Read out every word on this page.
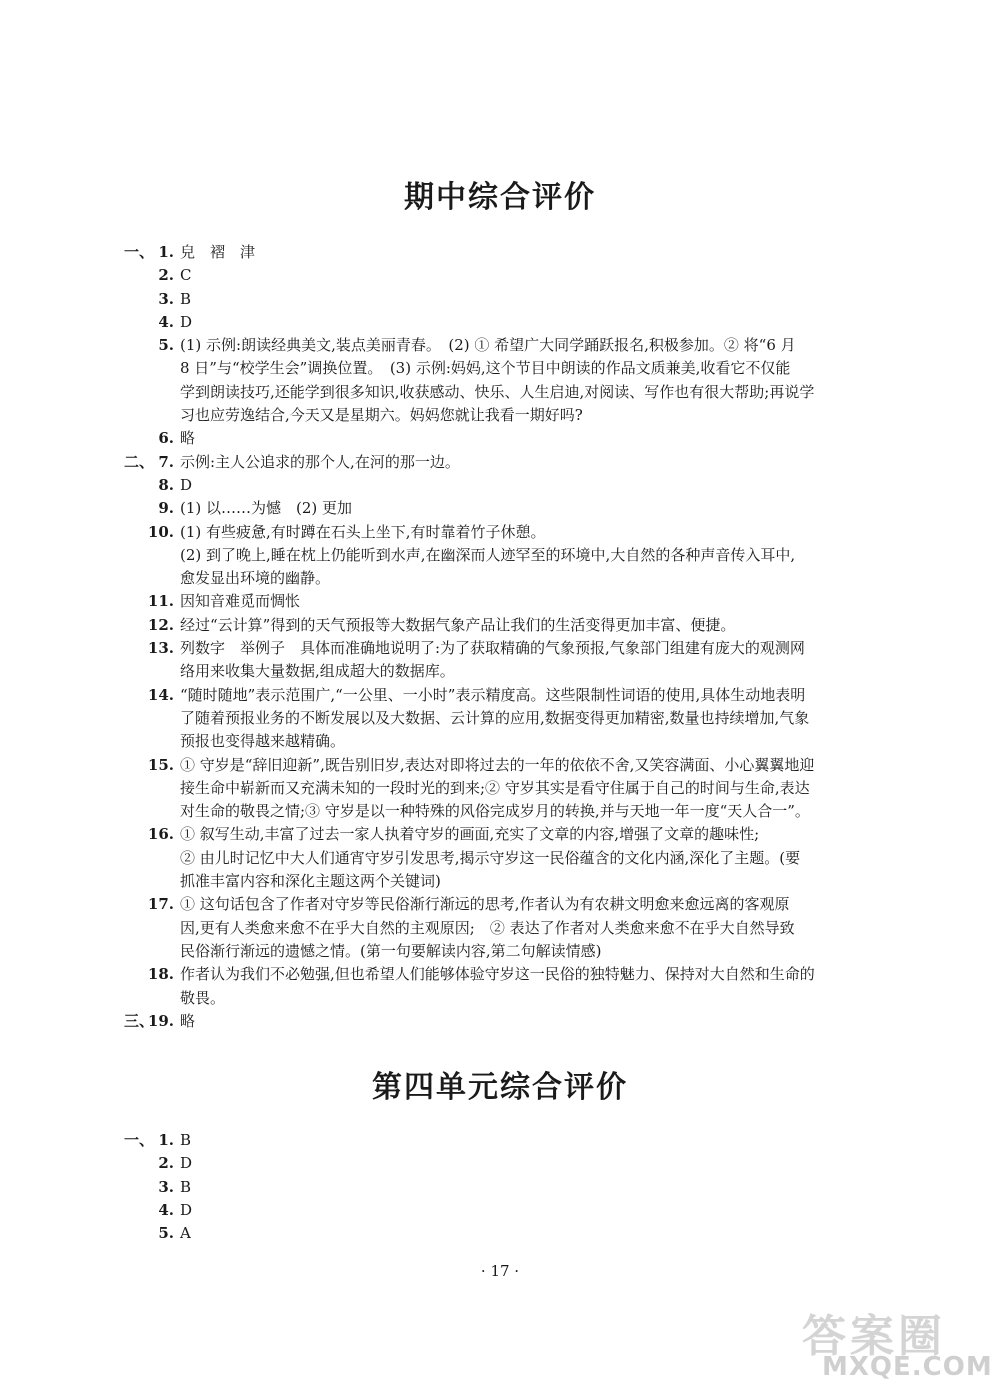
期中综合评价
一、 1. 皃　褶　津
2. C
3. B
4. D
5. (1) 示例:朗读经典美文,装点美丽青春。　(2) ① 希望广大同学踊跃报名,积极参加。② 将“6 月
8 日”与“校学生会”调换位置。　(3) 示例:妈妈,这个节目中朗读的作品文质兼美,收看它不仅能
学到朗读技巧,还能学到很多知识,收获感动、快乐、人生启迪,对阅读、写作也有很大帮助;再说学
习也应劳逸结合,今天又是星期六。妈妈您就让我看一期好吗?
6. 略
二、 7. 示例:主人公追求的那个人,在河的那一边。
8. D
9. (1) 以……为憾　(2) 更加
10. (1) 有些疲惫,有时蹲在石头上坐下,有时靠着竹子休憩。
(2) 到了晚上,睡在枕上仍能听到水声,在幽深而人迹罕至的环境中,大自然的各种声音传入耳中,
愈发显出环境的幽静。
11. 因知音难觅而惆怅
12. 经过“云计算”得到的天气预报等大数据气象产品让我们的生活变得更加丰富、便捷。
13. 列数字　举例子　具体而准确地说明了:为了获取精确的气象预报,气象部门组建有庞大的观测网
络用来收集大量数据,组成超大的数据库。
14. “随时随地”表示范围广,“一公里、一小时”表示精度高。这些限制性词语的使用,具体生动地表明
了随着预报业务的不断发展以及大数据、云计算的应用,数据变得更加精密,数量也持续增加,气象
预报也变得越来越精确。
15. ① 守岁是“辞旧迎新”,既告别旧岁,表达对即将过去的一年的依依不舍,又笑容满面、小心翼翼地迎
接生命中崭新而又充满未知的一段时光的到来;② 守岁其实是看守住属于自己的时间与生命,表达
对生命的敬畏之情;③ 守岁是以一种特殊的风俗完成岁月的转换,并与天地一年一度“天人合一”。
16. ① 叙写生动,丰富了过去一家人执着守岁的画面,充实了文章的内容,增强了文章的趣味性;
② 由儿时记忆中大人们通宵守岁引发思考,揭示守岁这一民俗蕴含的文化内涵,深化了主题。(要
抓准丰富内容和深化主题这两个关键词)
17. ① 这句话包含了作者对守岁等民俗渐行渐远的思考,作者认为有农耕文明愈来愈远离的客观原
因,更有人类愈来愈不在乎大自然的主观原因;　② 表达了作者对人类愈来愈不在乎大自然导致
民俗渐行渐远的遗憾之情。(第一句要解读内容,第二句解读情感)
18. 作者认为我们不必勉强,但也希望人们能够体验守岁这一民俗的独特魅力、保持对大自然和生命的
敬畏。
三、
19. 略
第四单元综合评价
一、 1. B
2. D
3. B
4. D
5. A
· 17 ·
答案圈
MXQE.COM
